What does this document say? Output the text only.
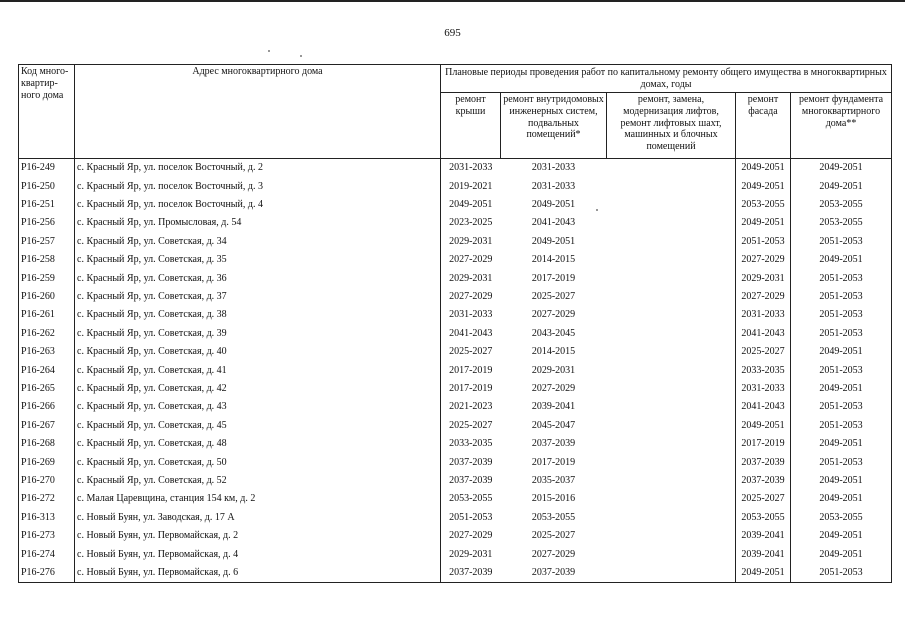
695
Код много-квартир-ного дома	Адрес многоквартирного дома	Плановые периоды проведения работ по капитальному ремонту общего имущества в многоквартирных домах, годы				
		ремонт крыши	ремонт внутридомовых инженерных систем, подвальных помещений*	ремонт, замена, модернизация лифтов, ремонт лифтовых шахт, машинных и блочных помещений	ремонт фасада	ремонт фундамента многоквартирного дома**
P16-249	с. Красный Яр, ул. поселок Восточный, д. 2	2031-2033	2031-2033		2049-2051	2049-2051
P16-250	с. Красный Яр, ул. поселок Восточный, д. 3	2019-2021	2031-2033		2049-2051	2049-2051
P16-251	с. Красный Яр, ул. поселок Восточный, д. 4	2049-2051	2049-2051		2053-2055	2053-2055
P16-256	с. Красный Яр, ул. Промысловая, д. 54	2023-2025	2041-2043		2049-2051	2053-2055
P16-257	с. Красный Яр, ул. Советская, д. 34	2029-2031	2049-2051		2051-2053	2051-2053
P16-258	с. Красный Яр, ул. Советская, д. 35	2027-2029	2014-2015		2027-2029	2049-2051
P16-259	с. Красный Яр, ул. Советская, д. 36	2029-2031	2017-2019		2029-2031	2051-2053
P16-260	с. Красный Яр, ул. Советская, д. 37	2027-2029	2025-2027		2027-2029	2051-2053
P16-261	с. Красный Яр, ул. Советская, д. 38	2031-2033	2027-2029		2031-2033	2051-2053
P16-262	с. Красный Яр, ул. Советская, д. 39	2041-2043	2043-2045		2041-2043	2051-2053
P16-263	с. Красный Яр, ул. Советская, д. 40	2025-2027	2014-2015		2025-2027	2049-2051
P16-264	с. Красный Яр, ул. Советская, д. 41	2017-2019	2029-2031		2033-2035	2051-2053
P16-265	с. Красный Яр, ул. Советская, д. 42	2017-2019	2027-2029		2031-2033	2049-2051
P16-266	с. Красный Яр, ул. Советская, д. 43	2021-2023	2039-2041		2041-2043	2051-2053
P16-267	с. Красный Яр, ул. Советская, д. 45	2025-2027	2045-2047		2049-2051	2051-2053
P16-268	с. Красный Яр, ул. Советская, д. 48	2033-2035	2037-2039		2017-2019	2049-2051
P16-269	с. Красный Яр, ул. Советская, д. 50	2037-2039	2017-2019		2037-2039	2051-2053
P16-270	с. Красный Яр, ул. Советская, д. 52	2037-2039	2035-2037		2037-2039	2049-2051
P16-272	с. Малая Царевщина, станция 154 км, д. 2	2053-2055	2015-2016		2025-2027	2049-2051
P16-313	с. Новый Буян, ул. Заводская, д. 17 А	2051-2053	2053-2055		2053-2055	2053-2055
P16-273	с. Новый Буян, ул. Первомайская, д. 2	2027-2029	2025-2027		2039-2041	2049-2051
P16-274	с. Новый Буян, ул. Первомайская, д. 4	2029-2031	2027-2029		2039-2041	2049-2051
P16-276	с. Новый Буян, ул. Первомайская, д. 6	2037-2039	2037-2039		2049-2051	2051-2053
